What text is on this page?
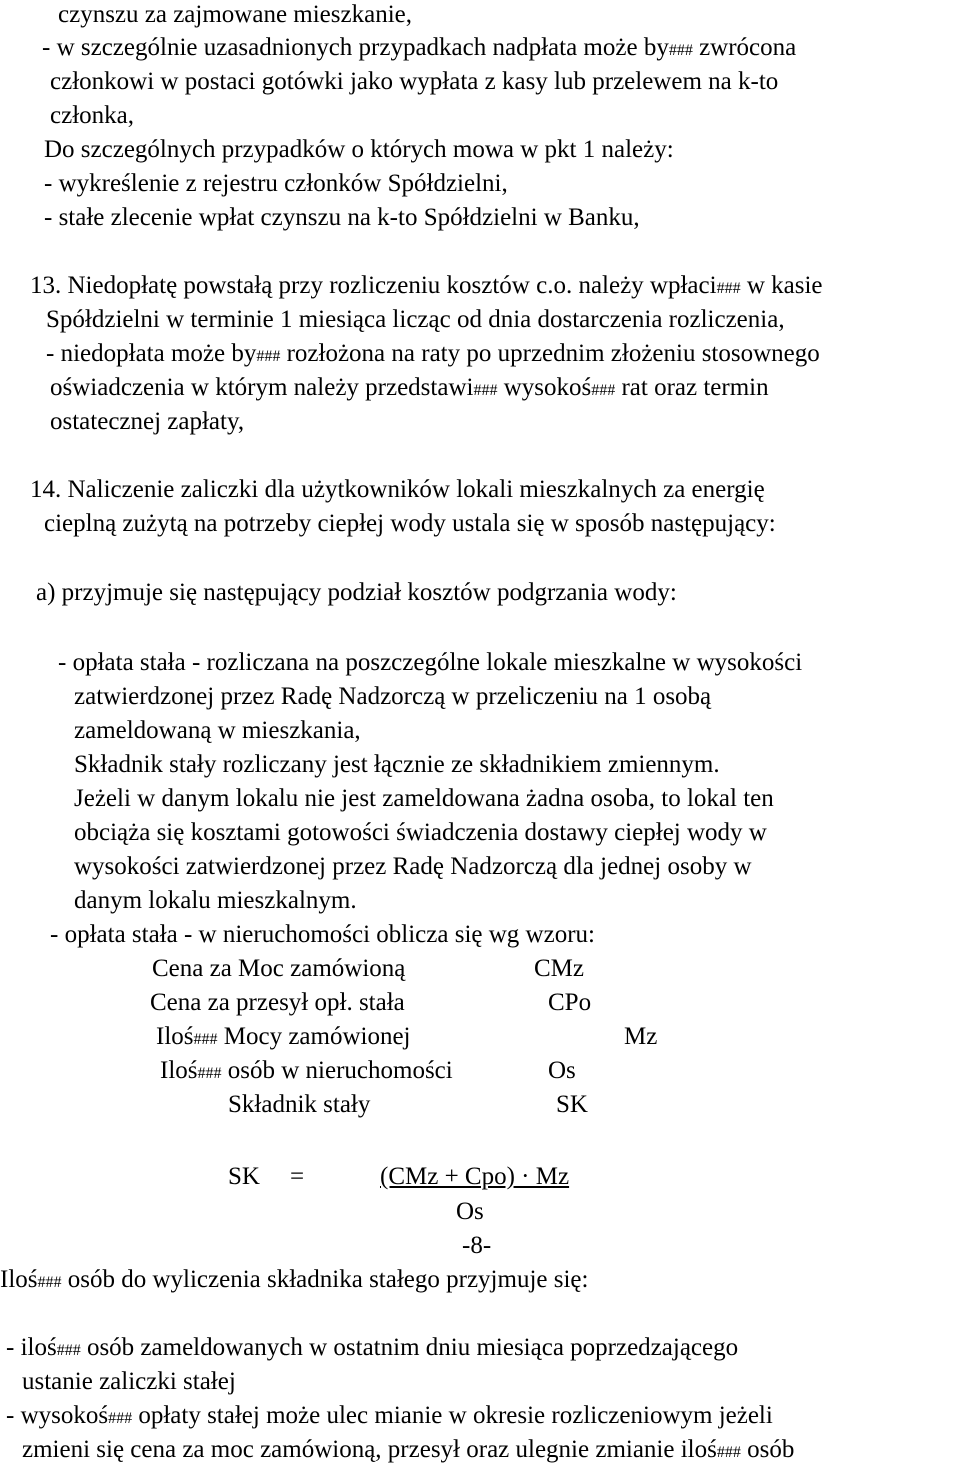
czynszu za zajmowane mieszkanie,
- w szczególnie uzasadnionych przypadkach nadpłata może by### zwrócona
członkowi w postaci gotówki jako wypłata z kasy lub przelewem na k-to
członka,
Do szczególnych przypadków o których mowa w pkt 1 należy:
- wykreślenie z rejestru członków Spółdzielni,
- stałe zlecenie wpłat czynszu na k-to Spółdzielni w Banku,
13. Niedopłatę powstałą przy rozliczeniu kosztów c.o. należy wpłaci### w kasie
Spółdzielni w terminie 1 miesiąca licząc od dnia dostarczenia rozliczenia,
- niedopłata może by### rozłożona na raty po uprzednim złożeniu stosownego
oświadczenia w którym należy przedstawi### wysokoś### rat oraz termin
ostatecznej zapłaty,
14. Naliczenie zaliczki dla użytkowników lokali mieszkalnych za energię
cieplną zużytą na potrzeby ciepłej wody ustala się w sposób następujący:
a) przyjmuje się następujący podział kosztów podgrzania wody:
- opłata stała - rozliczana na poszczególne lokale mieszkalne w wysokości
zatwierdzonej przez Radę Nadzorczą w przeliczeniu na 1 osobą
zameldowaną w mieszkania,
Składnik stały rozliczany jest łącznie ze składnikiem zmiennym.
Jeżeli w danym lokalu nie jest zameldowana żadna osoba, to lokal ten
obciąża się kosztami gotowości świadczenia dostawy ciepłej wody w
wysokości zatwierdzonej przez Radę Nadzorczą dla jednej osoby w
danym lokalu mieszkalnym.
- opłata stała - w nieruchomości oblicza się wg wzoru:
Cena za Moc zamówioną	CMz
Cena za przesył opł. stała	CPo
Iloś### Mocy zamówionej	Mz
Iloś### osób w nieruchomości	Os
Składnik stały	SK
SK =	(CMz + Cpo) · Mz
Os
-8-
Iloś### osób do wyliczenia składnika stałego przyjmuje się:
- iloś### osób zameldowanych w ostatnim dniu miesiąca poprzedzającego
ustanie zaliczki stałej
- wysokoś### opłaty stałej może ulec mianie w okresie rozliczeniowym jeżeli
zmieni się cena za moc zamówioną, przesył oraz ulegnie zmianie iloś### osób
